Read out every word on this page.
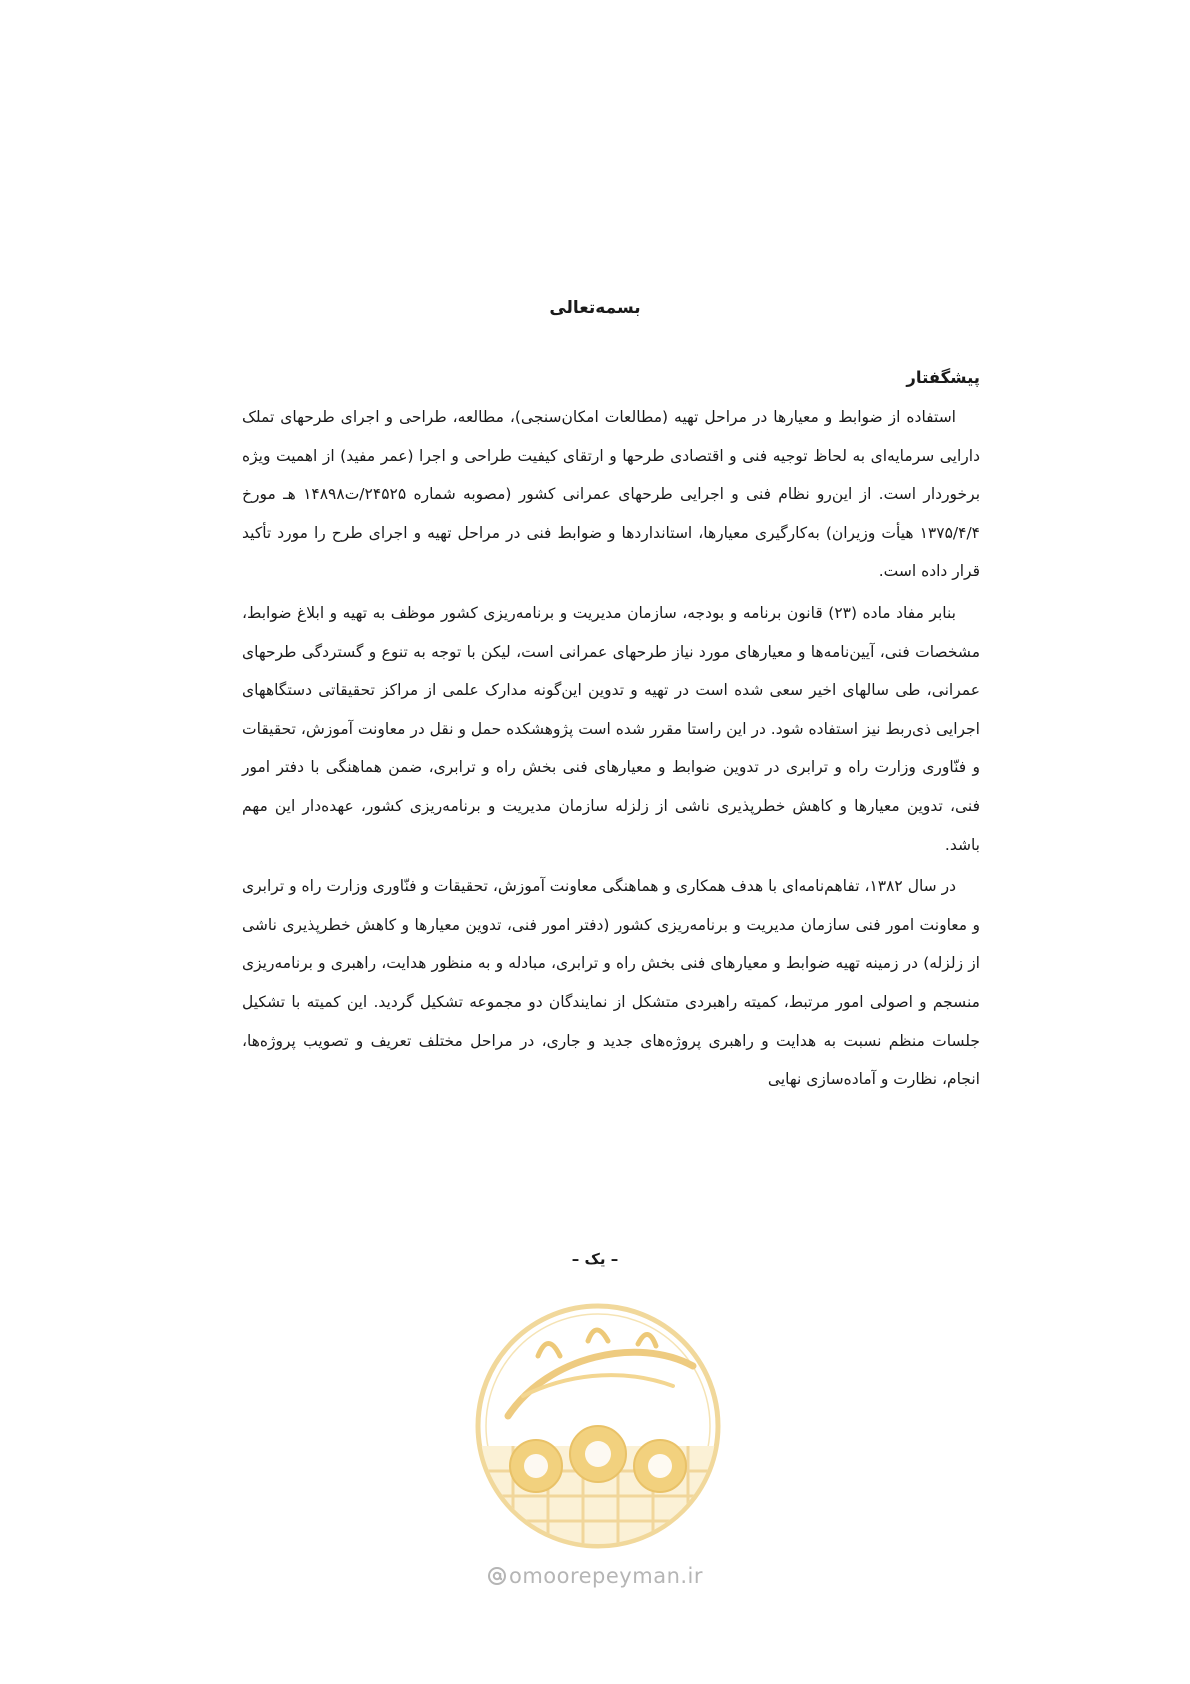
بسمه‌تعالی
پیشگفتار

استفاده از ضوابط و معیارها در مراحل تهیه (مطالعات امکان‌سنجی)، مطالعه، طراحی و اجرای طرحهای تملک دارایی سرمایه‌ای به لحاظ توجیه فنی و اقتصادی طرحها و ارتقای کیفیت طراحی و اجرا (عمر مفید) از اهمیت ویژه برخوردار است. از این‌رو نظام فنی و اجرایی طرحهای عمرانی کشور (مصوبه شماره ۲۴۵۲۵/ت۱۴۸۹۸ هـ مورخ ۱۳۷۵/۴/۴ هیأت وزیران) به‌کارگیری معیارها، استانداردها و ضوابط فنی در مراحل تهیه و اجرای طرح را مورد تأکید قرار داده است.

بنابر مفاد ماده (۲۳) قانون برنامه و بودجه، سازمان مدیریت و برنامه‌ریزی کشور موظف به تهیه و ابلاغ ضوابط، مشخصات فنی، آیین‌نامه‌ها و معیارهای مورد نیاز طرحهای عمرانی است، لیکن با توجه به تنوع و گستردگی طرحهای عمرانی، طی سالهای اخیر سعی شده است در تهیه و تدوین این‌گونه مدارک علمی از مراکز تحقیقاتی دستگاههای اجرایی ذی‌ربط نیز استفاده شود. در این راستا مقرر شده است پژوهشکده حمل و نقل در معاونت آموزش، تحقیقات و فنّاوری وزارت راه و ترابری در تدوین ضوابط و معیارهای فنی بخش راه و ترابری، ضمن هماهنگی با دفتر امور فنی، تدوین معیارها و کاهش خطرپذیری ناشی از زلزله سازمان مدیریت و برنامه‌ریزی کشور، عهده‌دار این مهم باشد.

در سال ۱۳۸۲، تفاهم‌نامه‌ای با هدف همکاری و هماهنگی معاونت آموزش، تحقیقات و فنّاوری وزارت راه و ترابری و معاونت امور فنی سازمان مدیریت و برنامه‌ریزی کشور (دفتر امور فنی، تدوین معیارها و کاهش خطرپذیری ناشی از زلزله) در زمینه تهیه ضوابط و معیارهای فنی بخش راه و ترابری، مبادله و به منظور هدایت، راهبری و برنامه‌ریزی منسجم و اصولی امور مرتبط، کمیته راهبردی متشکل از نمایندگان دو مجموعه تشکیل گردید. این کمیته با تشکیل جلسات منظم نسبت به هدایت و راهبری پروژه‌های جدید و جاری، در مراحل مختلف تعریف و تصویب پروژه‌ها، انجام، نظارت و آماده‌سازی نهایی

– یک –
omoorepeyman.ir
